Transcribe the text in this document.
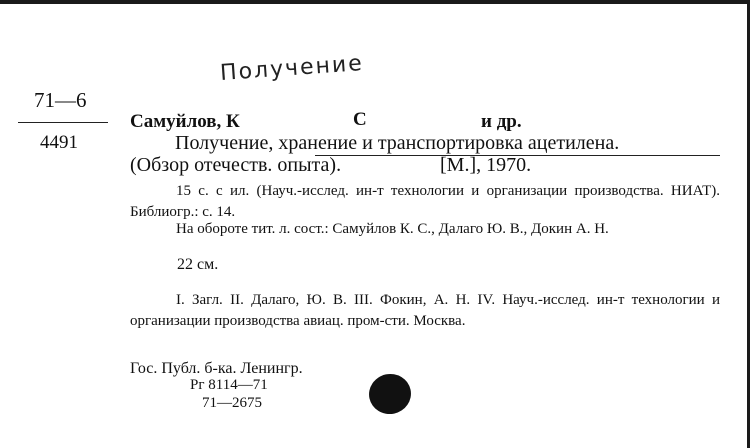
Получение
71—6
4491
Самуйлов, К	С	и др.
Получение, хранение и транспортировка ацетилена.
(Обзор отечеств. опыта).	[М.], 1970.
15 с. с ил. (Науч.-исслед. ин-т технологии и организации производства. НИАТ). Библиогр.: с. 14.
На обороте тит. л. сост.: Самуйлов К. С., Далаго Ю. В., Докин А. Н.
22 см.
I. Загл. II. Далаго, Ю. В. III. Фокин, А. Н. IV. Науч.-исслед. ин-т технологии и организации производства авиац. пром-сти. Москва.
Гос. Публ. б-ка. Ленингр.
Рг 8114—71
71—2675
